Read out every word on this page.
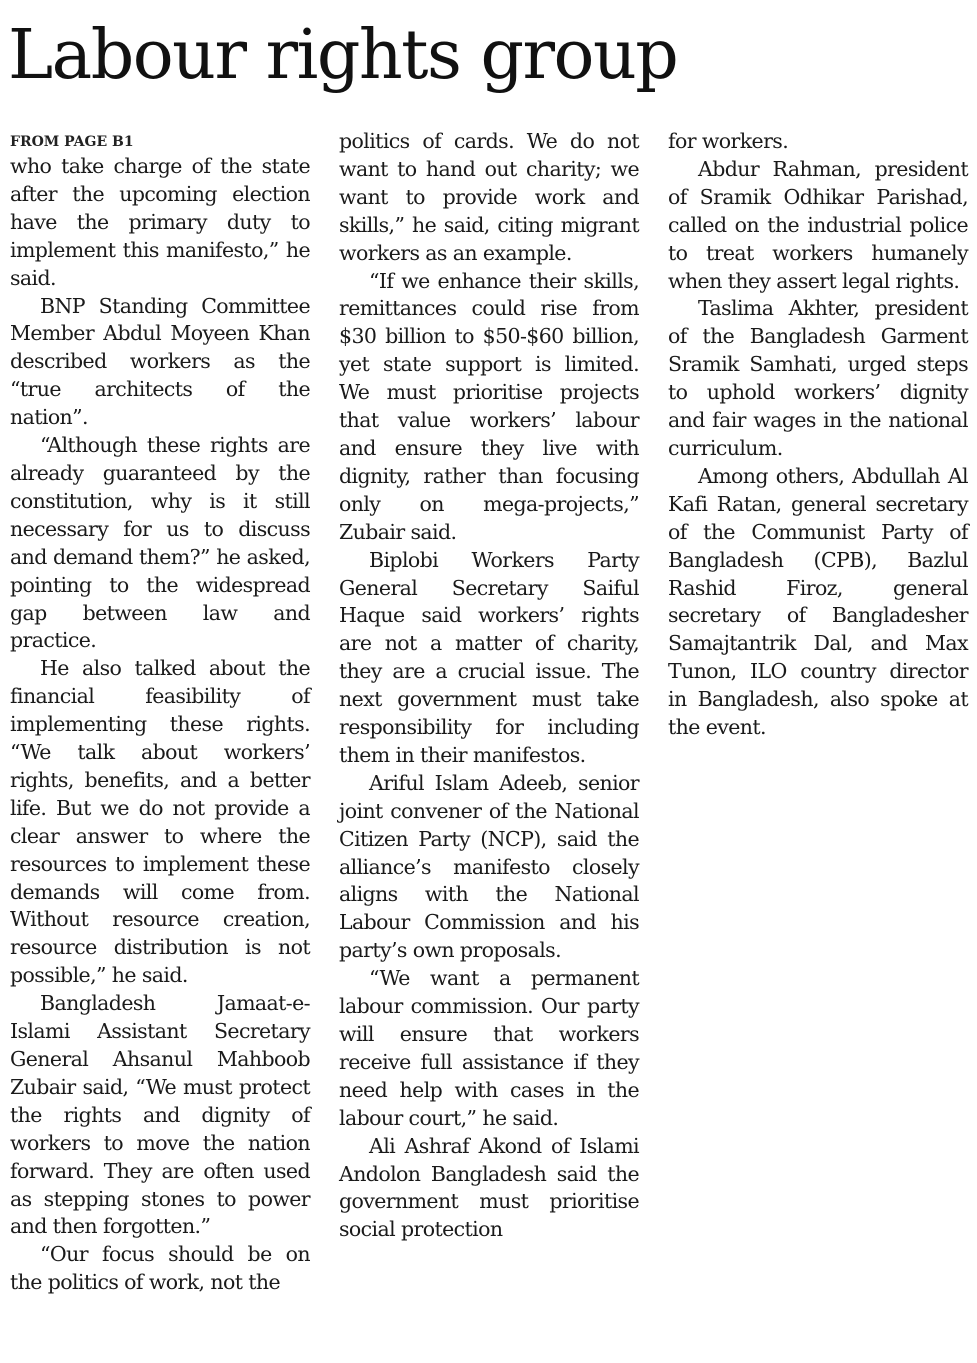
Labour rights group
FROM PAGE B1

who take charge of the state after the upcoming election have the primary duty to implement this manifesto,” he said.

BNP Standing Committee Member Abdul Moyeen Khan described workers as the “true architects of the nation”.

“Although these rights are already guaranteed by the constitution, why is it still necessary for us to discuss and demand them?” he asked, pointing to the widespread gap between law and practice.

He also talked about the financial feasibility of implementing these rights. “We talk about workers’ rights, benefits, and a better life. But we do not provide a clear answer to where the resources to implement these demands will come from. Without resource creation, resource distribution is not possible,” he said.

Bangladesh Jamaat-e-Islami Assistant Secretary General Ahsanul Mahboob Zubair said, “We must protect the rights and dignity of workers to move the nation forward. They are often used as stepping stones to power and then forgotten.”

“Our focus should be on the politics of work, not the

politics of cards. We do not want to hand out charity; we want to provide work and skills,” he said, citing migrant workers as an example.

“If we enhance their skills, remittances could rise from $30 billion to $50-$60 billion, yet state support is limited. We must prioritise projects that value workers’ labour and ensure they live with dignity, rather than focusing only on mega-projects,” Zubair said.

Biplobi Workers Party General Secretary Saiful Haque said workers’ rights are not a matter of charity, they are a crucial issue. The next government must take responsibility for including them in their manifestos.

Ariful Islam Adeeb, senior joint convener of the National Citizen Party (NCP), said the alliance’s manifesto closely aligns with the National Labour Commission and his party’s own proposals.

“We want a permanent labour commission. Our party will ensure that workers receive full assistance if they need help with cases in the labour court,” he said.

Ali Ashraf Akond of Islami Andolon Bangladesh said the government must prioritise social protection

for workers.

Abdur Rahman, president of Sramik Odhikar Parishad, called on the industrial police to treat workers humanely when they assert legal rights.

Taslima Akhter, president of the Bangladesh Garment Sramik Samhati, urged steps to uphold workers’ dignity and fair wages in the national curriculum.

Among others, Abdullah Al Kafi Ratan, general secretary of the Communist Party of Bangladesh (CPB), Bazlul Rashid Firoz, general secretary of Bangladesher Samajtantrik Dal, and Max Tunon, ILO country director in Bangladesh, also spoke at the event.
